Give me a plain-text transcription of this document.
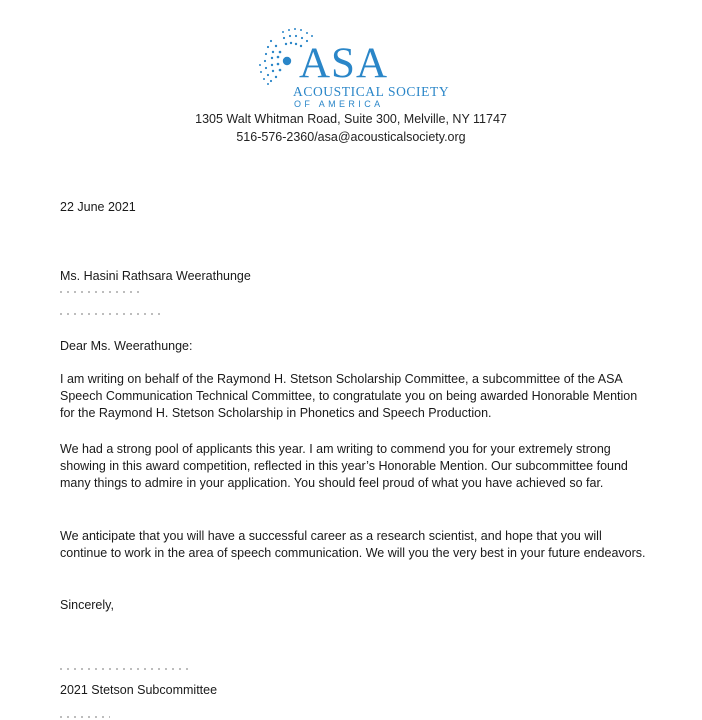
ASA
ACOUSTICAL SOCIETY
OF AMERICA
1305 Walt Whitman Road, Suite 300, Melville, NY 11747
516-576-2360/asa@acousticalsociety.org
22 June 2021
Ms. Hasini Rathsara Weerathunge
Dear Ms. Weerathunge:
I am writing on behalf of the Raymond H. Stetson Scholarship Committee, a subcommittee of the ASA Speech Communication Technical Committee, to congratulate you on being awarded Honorable Mention for the Raymond H. Stetson Scholarship in Phonetics and Speech Production.
We had a strong pool of applicants this year. I am writing to commend you for your extremely strong showing in this award competition, reflected in this year’s Honorable Mention. Our subcommittee found many things to admire in your application. You should feel proud of what you have achieved so far.
We anticipate that you will have a successful career as a research scientist, and hope that you will continue to work in the area of speech communication. We will you the very best in your future endeavors.
Sincerely,
2021 Stetson Subcommittee
